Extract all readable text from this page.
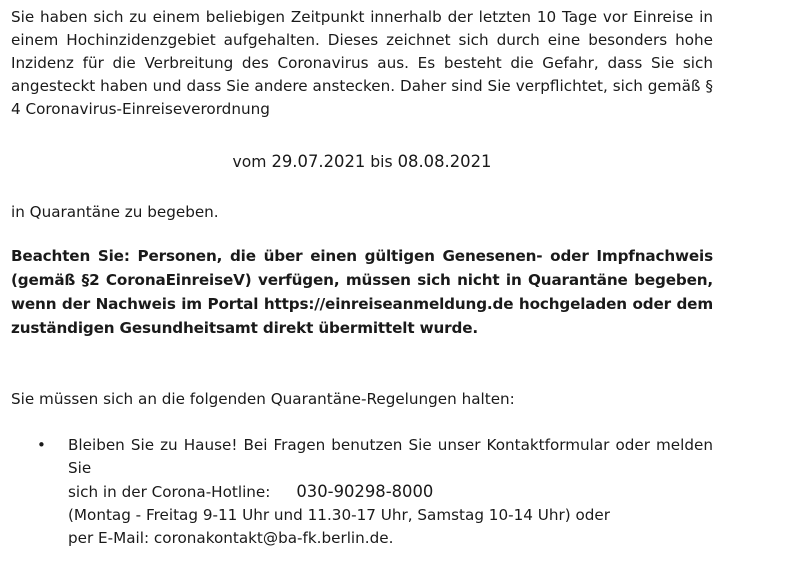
Sie haben sich zu einem beliebigen Zeitpunkt innerhalb der letzten 10 Tage vor Einreise in einem Hochinzidenzgebiet aufgehalten. Dieses zeichnet sich durch eine besonders hohe Inzidenz für die Verbreitung des Coronavirus aus. Es besteht die Gefahr, dass Sie sich angesteckt haben und dass Sie andere anstecken. Daher sind Sie verpflichtet, sich gemäß § 4 Coronavirus-Einreiseverordnung

vom 29.07.2021 bis 08.08.2021

in Quarantäne zu begeben.

Beachten Sie: Personen, die über einen gültigen Genesenen- oder Impfnachweis (gemäß §2 CoronaEinreiseV) verfügen, müssen sich nicht in Quarantäne begeben, wenn der Nachweis im Portal https://einreiseanmeldung.de hochgeladen oder dem zuständigen Gesundheitsamt direkt übermittelt wurde.

Sie müssen sich an die folgenden Quarantäne-Regelungen halten:

• Bleiben Sie zu Hause! Bei Fragen benutzen Sie unser Kontaktformular oder melden Sie
sich in der Corona-Hotline: 030-90298-8000
(Montag - Freitag 9-11 Uhr und 11.30-17 Uhr, Samstag 10-14 Uhr) oder
per E-Mail: coronakontakt@ba-fk.berlin.de.
